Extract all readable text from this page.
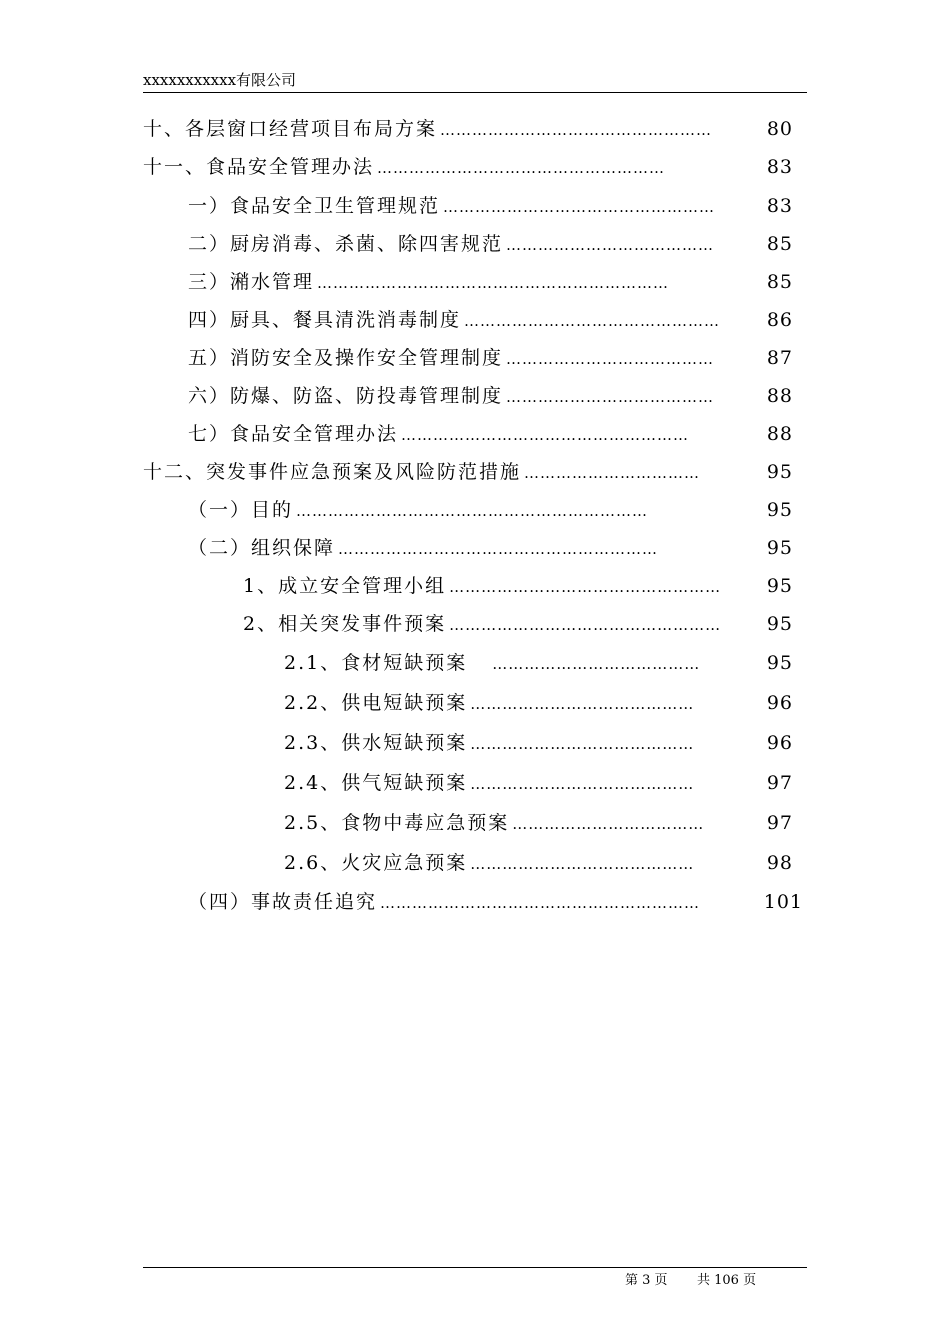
xxxxxxxxxxx有限公司
十、各层窗口经营项目布局方案 ……………………………………………	80
十一、食品安全管理办法 ………………………………………………	83
一）食品安全卫生管理规范 ……………………………………………	83
二）厨房消毒、杀菌、除四害规范 …………………………………	85
三）潲水管理 …………………………………………………………	85
四）厨具、餐具清洗消毒制度 …………………………………………	86
五）消防安全及操作安全管理制度 …………………………………	87
六）防爆、防盗、防投毒管理制度 …………………………………	88
七）食品安全管理办法 ………………………………………………	88
十二、突发事件应急预案及风险防范措施 ……………………………	95
（一）目的 …………………………………………………………	95
（二）组织保障 ……………………………………………………	95
1、成立安全管理小组 ……………………………………………	95
2、相关突发事件预案 ……………………………………………	95
2.1、食材短缺预案 …………………………………	95
2.2、供电短缺预案 ……………………………………	96
2.3、供水短缺预案 ……………………………………	96
2.4、供气短缺预案 ……………………………………	97
2.5、食物中毒应急预案 ………………………………	97
2.6、火灾应急预案 ……………………………………	98
（四）事故责任追究 ……………………………………………………	101
第 3 页 共 106 页
